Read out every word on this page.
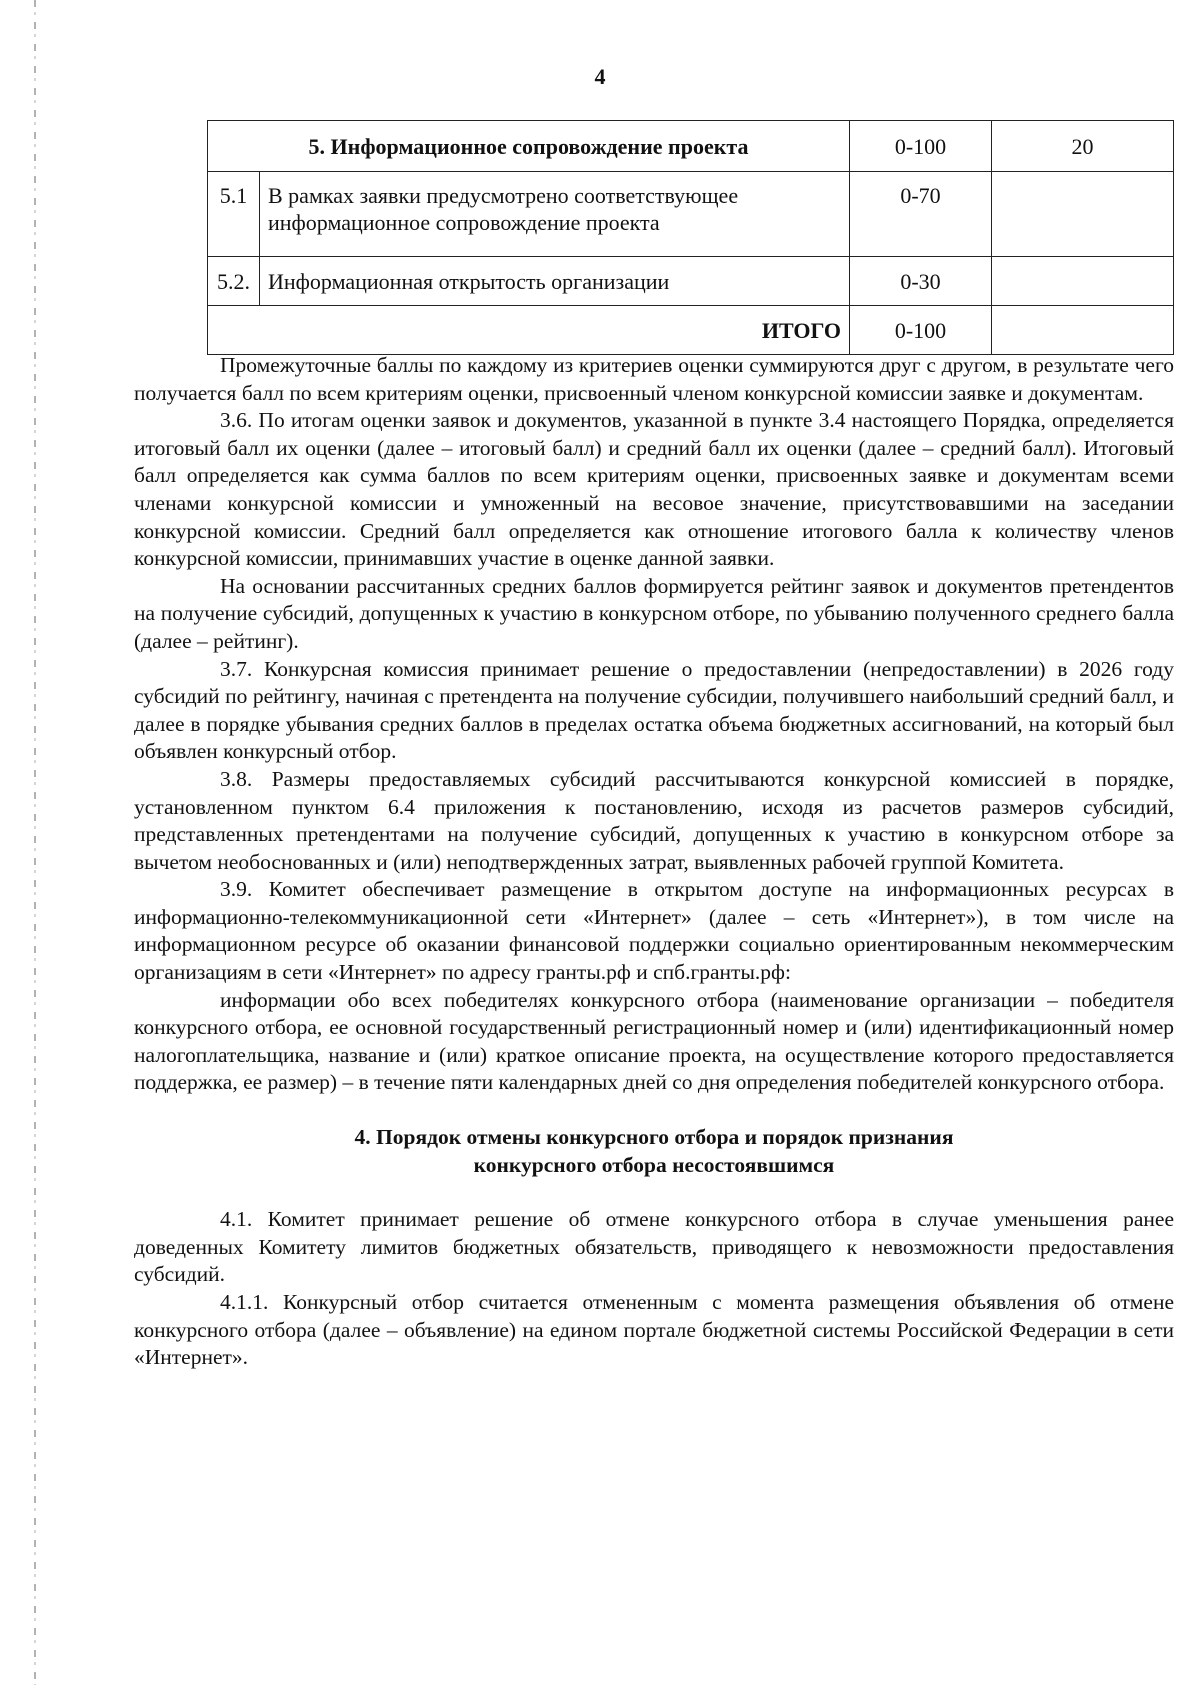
4
5. Информационное сопровождение проекта		0-100	20
5.1	В рамках заявки предусмотрено соответствующее информационное сопровождение проекта	0-70	
5.2.	Информационная открытость организации	0-30	
ИТОГО		0-100	

Промежуточные баллы по каждому из критериев оценки суммируются друг с другом, в результате чего получается балл по всем критериям оценки, присвоенный членом конкурсной комиссии заявке и документам.

3.6. По итогам оценки заявок и документов, указанной в пункте 3.4 настоящего Порядка, определяется итоговый балл их оценки (далее – итоговый балл) и средний балл их оценки (далее – средний балл). Итоговый балл определяется как сумма баллов по всем критериям оценки, присвоенных заявке и документам всеми членами конкурсной комиссии и умноженный на весовое значение, присутствовавшими на заседании конкурсной комиссии. Средний балл определяется как отношение итогового балла к количеству членов конкурсной комиссии, принимавших участие в оценке данной заявки.

На основании рассчитанных средних баллов формируется рейтинг заявок и документов претендентов на получение субсидий, допущенных к участию в конкурсном отборе, по убыванию полученного среднего балла (далее – рейтинг).

3.7. Конкурсная комиссия принимает решение о предоставлении (непредоставлении) в 2026 году субсидий по рейтингу, начиная с претендента на получение субсидии, получившего наибольший средний балл, и далее в порядке убывания средних баллов в пределах остатка объема бюджетных ассигнований, на который был объявлен конкурсный отбор.

3.8. Размеры предоставляемых субсидий рассчитываются конкурсной комиссией в порядке, установленном пунктом 6.4 приложения к постановлению, исходя из расчетов размеров субсидий, представленных претендентами на получение субсидий, допущенных к участию в конкурсном отборе за вычетом необоснованных и (или) неподтвержденных затрат, выявленных рабочей группой Комитета.

3.9. Комитет обеспечивает размещение в открытом доступе на информационных ресурсах в информационно-телекоммуникационной сети «Интернет» (далее – сеть «Интернет»), в том числе на информационном ресурсе об оказании финансовой поддержки социально ориентированным некоммерческим организациям в сети «Интернет» по адресу гранты.рф и спб.гранты.рф:

информации обо всех победителях конкурсного отбора (наименование организации – победителя конкурсного отбора, ее основной государственный регистрационный номер и (или) идентификационный номер налогоплательщика, название и (или) краткое описание проекта, на осуществление которого предоставляется поддержка, ее размер) – в течение пяти календарных дней со дня определения победителей конкурсного отбора.

4. Порядок отмены конкурсного отбора и порядок признания
конкурсного отбора несостоявшимся

4.1. Комитет принимает решение об отмене конкурсного отбора в случае уменьшения ранее доведенных Комитету лимитов бюджетных обязательств, приводящего к невозможности предоставления субсидий.

4.1.1. Конкурсный отбор считается отмененным с момента размещения объявления об отмене конкурсного отбора (далее – объявление) на едином портале бюджетной системы Российской Федерации в сети «Интернет».
